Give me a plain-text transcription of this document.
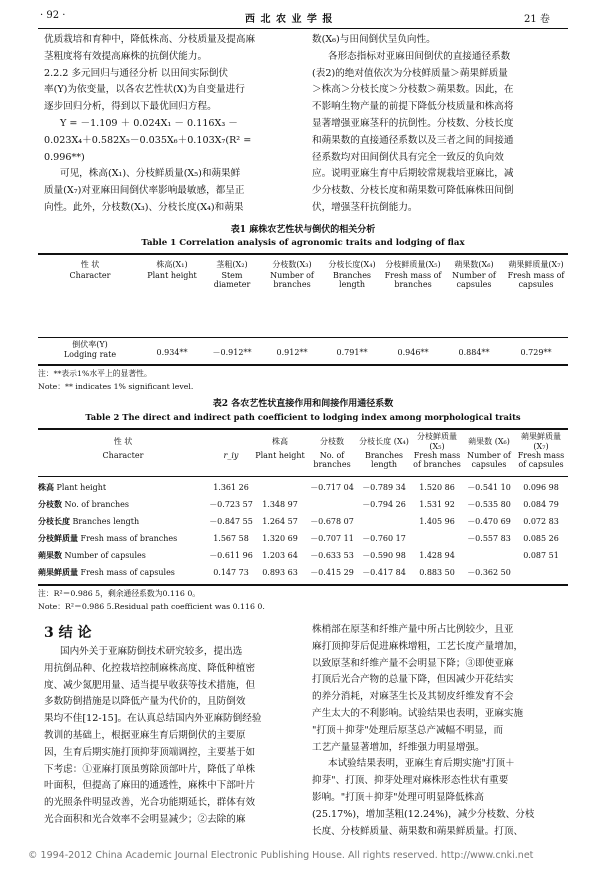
· 92 ·	西 北 农 业 学 报	21 卷
优质栽培和育种中，降低株高、分枝质量及提高麻
茎粗度将有效提高麻株的抗倒伏能力。
2.2.2 多元回归与通径分析 以田间实际倒伏
率(Y)为依变量，以各农艺性状(X)为自变量进行
逐步回归分析，得到以下最优回归方程。
Y = －1.109 ＋ 0.024X₁ － 0.116X₃ －
0.023X₄＋0.582X₅－0.035X₆＋0.103X₇(R² =
0.996**)
可见，株高(X₁)、分枝鲜质量(X₅)和蒴果鲜
质量(X₇)对亚麻田间倒伏率影响最敏感，都呈正
向性。此外，分枝数(X₃)、分枝长度(X₄)和蒴果
数(X₆)与田间倒伏呈负向性。
各形态指标对亚麻田间倒伏的直接通径系数
(表2)的绝对值依次为分枝鲜质量＞蒴果鲜质量
＞株高＞分枝长度＞分枝数＞蒴果数。因此，在
不影响生物产量的前提下降低分枝质量和株高将
显著增强亚麻茎秆的抗倒性。分枝数、分枝长度
和蒴果数的直接通径系数以及三者之间的间接通
径系数均对田间倒伏具有完全一致反的负向效
应。说明亚麻生育中后期较常规栽培亚麻比，减
少分枝数、分枝长度和蒴果数可降低麻株田间倒
伏，增强茎秆抗倒能力。
表1 麻株农艺性状与倒伏的相关分析
Table 1 Correlation analysis of agronomic traits and lodging of flax
性 状	株高(X₁)	茎粗(X₂)	分枝数(X₃)	分枝长度(X₄)	分枝鲜质量(X₅)	蒴果数(X₆)	蒴果鲜质量(X₇)
Character	Plant height	Stem diameter	Number of branches	Branches length	Fresh mass of branches	Number of capsules	Fresh mass of capsules
倒伏率(Y)
Lodging rate	0.934**	－0.912**	0.912**	0.791**	0.946**	0.884**	0.729**
注：**表示1%水平上的显著性。
Note：** indicates 1% significant level.
表2 各农艺性状直接作用和间接作用通径系数
Table 2 The direct and indirect path coefficient to lodging index among morphological traits
性 状		株高	分枝数	分枝长度 (X₄)	分枝鲜质量 (X₅)	蒴果数 (X₆)	蒴果鲜质量 (X₇)
Character	r_iy	Plant height	No. of branches	Branches length	Fresh mass of branches	Number of capsules	Fresh mass of capsules
株高 Plant height	1.361 26		－0.717 04	－0.789 34	1.520 86	－0.541 10	0.096 98
分枝数 No. of branches	－0.723 57	1.348 97		－0.794 26	1.531 92	－0.535 80	0.084 79
分枝长度 Branches length	－0.847 55	1.264 57	－0.678 07		1.405 96	－0.470 69	0.072 83
分枝鲜质量 Fresh mass of branches	1.567 58	1.320 69	－0.707 11	－0.760 17		－0.557 83	0.085 26
蒴果数 Number of capsules	－0.611 96	1.203 64	－0.633 53	－0.590 98	1.428 94		0.087 51
蒴果鲜质量 Fresh mass of capsules	0.147 73	0.893 63	－0.415 29	－0.417 84	0.883 50	－0.362 50	
注：R²＝0.986 5，剩余通径系数为0.116 0。
Note：R²＝0.986 5.Residual path coefficient was 0.116 0.
3 结 论
国内外关于亚麻防倒技术研究较多，提出选
用抗倒品种、化控栽培控制麻株高度、降低种植密
度、减少氮肥用量、适当提早收获等技术措施，但
多数防倒措施是以降低产量为代价的，且防倒效
果均不佳[12-15]。在认真总结国内外亚麻防倒经验
教训的基础上，根据亚麻生育后期倒伏的主要原
因，生育后期实施打顶抑芽顶端调控，主要基于如
下考虑：①亚麻打顶虽剪除顶部叶片，降低了单株
叶面积，但提高了麻田的通透性，麻株中下部叶片
的光照条件明显改善，光合功能期延长，群体有效
光合面积和光合效率不会明显减少；②去除的麻
株梢部在原茎和纤维产量中所占比例较少，且亚
麻打顶抑芽后促进麻株增粗，工艺长度产量增加，
以致原茎和纤维产量不会明显下降；③即使亚麻
打顶后光合产物的总量下降，但因减少开花结实
的养分消耗，对麻茎生长及其韧皮纤维发育不会
产生太大的不利影响。试验结果也表明，亚麻实施
"打顶＋抑芽"处理后原茎总产减幅不明显，而
工艺产量显著增加，纤维强力明显增强。
本试验结果表明，亚麻生育后期实施"打顶＋
抑芽"、打顶、抑芽处理对麻株形态性状有重要
影响。"打顶＋抑芽"处理可明显降低株高
(25.17%)，增加茎粗(12.24%)，减少分枝数、分枝
长度、分枝鲜质量、蒴果数和蒴果鲜质量。打顶、
© 1994-2012 China Academic Journal Electronic Publishing House. All rights reserved. http://www.cnki.net
